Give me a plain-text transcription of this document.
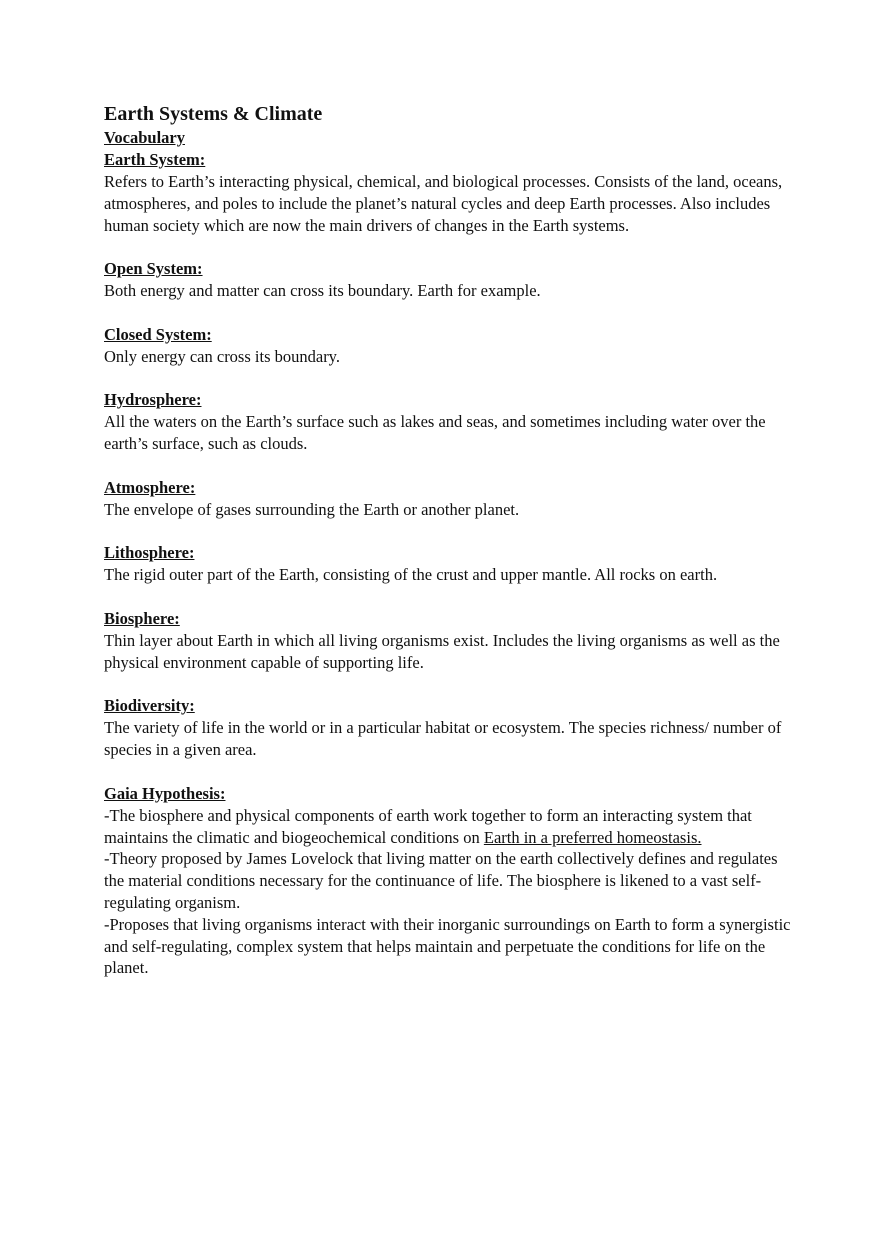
Earth Systems & Climate
Vocabulary
Earth System:

Refers to Earth’s interacting physical, chemical, and biological processes. Consists of the land, oceans, atmospheres, and poles to include the planet’s natural cycles and deep Earth processes. Also includes human society which are now the main drivers of changes in the Earth systems.

Open System:

Both energy and matter can cross its boundary. Earth for example.

Closed System:

Only energy can cross its boundary.

Hydrosphere:

All the waters on the Earth’s surface such as lakes and seas, and sometimes including water over the earth’s surface, such as clouds.

Atmosphere:

The envelope of gases surrounding the Earth or another planet.

Lithosphere:

The rigid outer part of the Earth, consisting of the crust and upper mantle. All rocks on earth.

Biosphere:

Thin layer about Earth in which all living organisms exist. Includes the living organisms as well as the physical environment capable of supporting life.

Biodiversity:

The variety of life in the world or in a particular habitat or ecosystem. The species richness/ number of species in a given area.

Gaia Hypothesis:

-The biosphere and physical components of earth work together to form an interacting system that maintains the climatic and biogeochemical conditions on Earth in a preferred homeostasis.

-Theory proposed by James Lovelock that living matter on the earth collectively defines and regulates the material conditions necessary for the continuance of life. The biosphere is likened to a vast self-regulating organism.

-Proposes that living organisms interact with their inorganic surroundings on Earth to form a synergistic and self-regulating, complex system that helps maintain and perpetuate the conditions for life on the planet.
